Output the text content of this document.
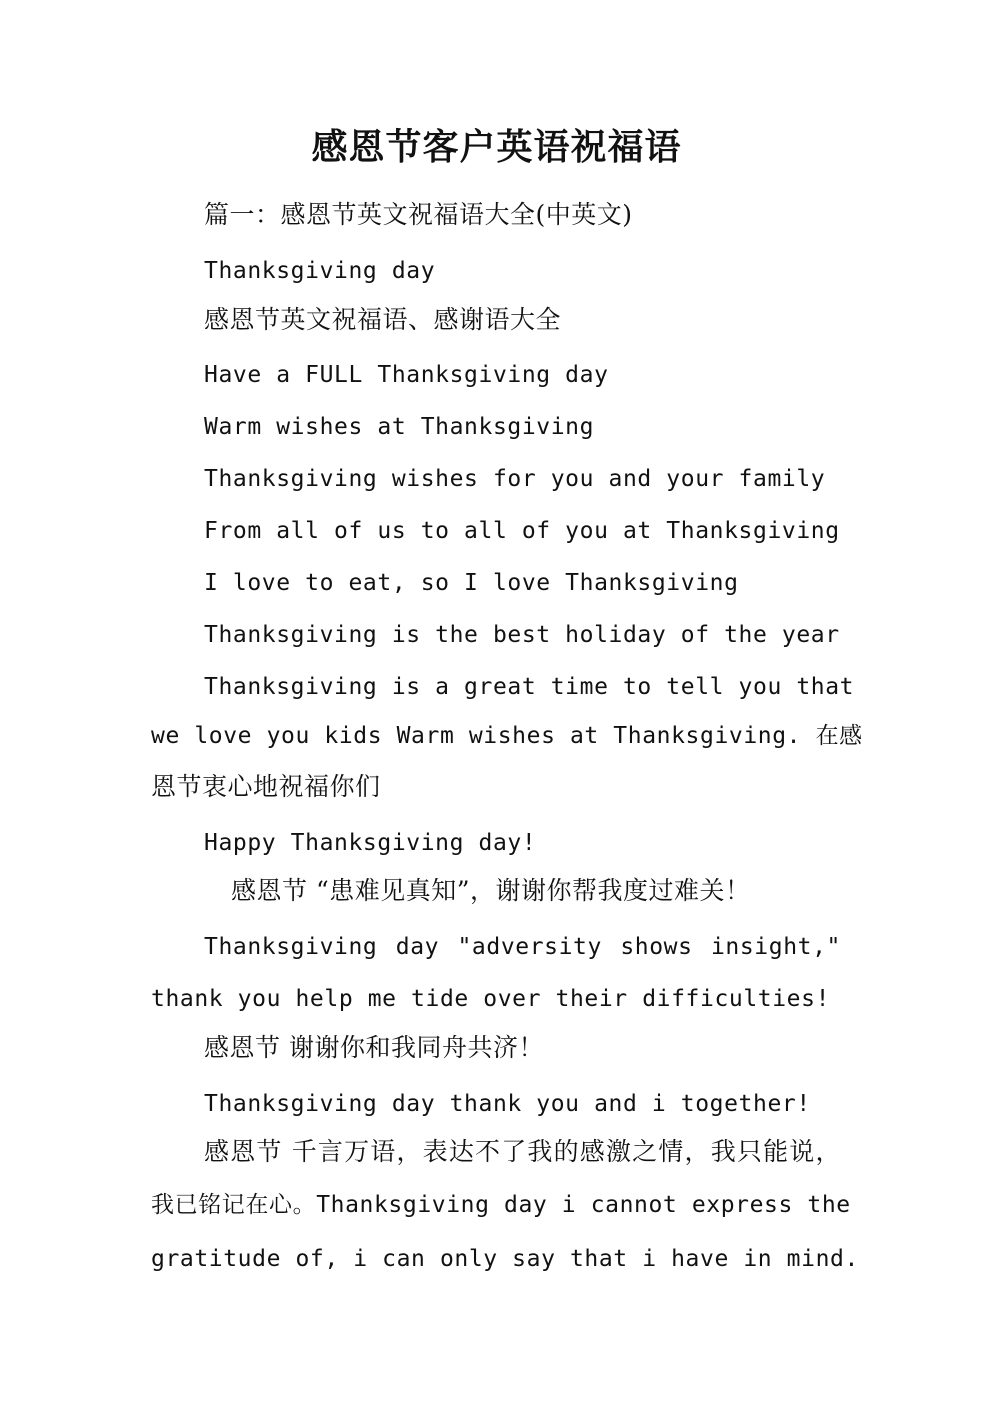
感恩节客户英语祝福语
篇一：感恩节英文祝福语大全(中英文)
Thanksgiving day
感恩节英文祝福语、感谢语大全
Have a FULL Thanksgiving day
Warm wishes at Thanksgiving
Thanksgiving wishes for you and your family
From all of us to all of you at Thanksgiving
I love to eat, so I love Thanksgiving
Thanksgiving is the best holiday of the year
Thanksgiving is a great time to tell you that
we love you kids Warm wishes at Thanksgiving. 在感
恩节衷心地祝福你们
Happy Thanksgiving day!
感恩节 “患难见真知”，谢谢你帮我度过难关！
Thanksgiving day "adversity shows insight,"
thank you help me tide over their difficulties!
感恩节 谢谢你和我同舟共济！
Thanksgiving day thank you and i together!
感恩节 千言万语，表达不了我的感激之情，我只能说，
我已铭记在心。Thanksgiving day i cannot express the
gratitude of, i can only say that i have in mind.
